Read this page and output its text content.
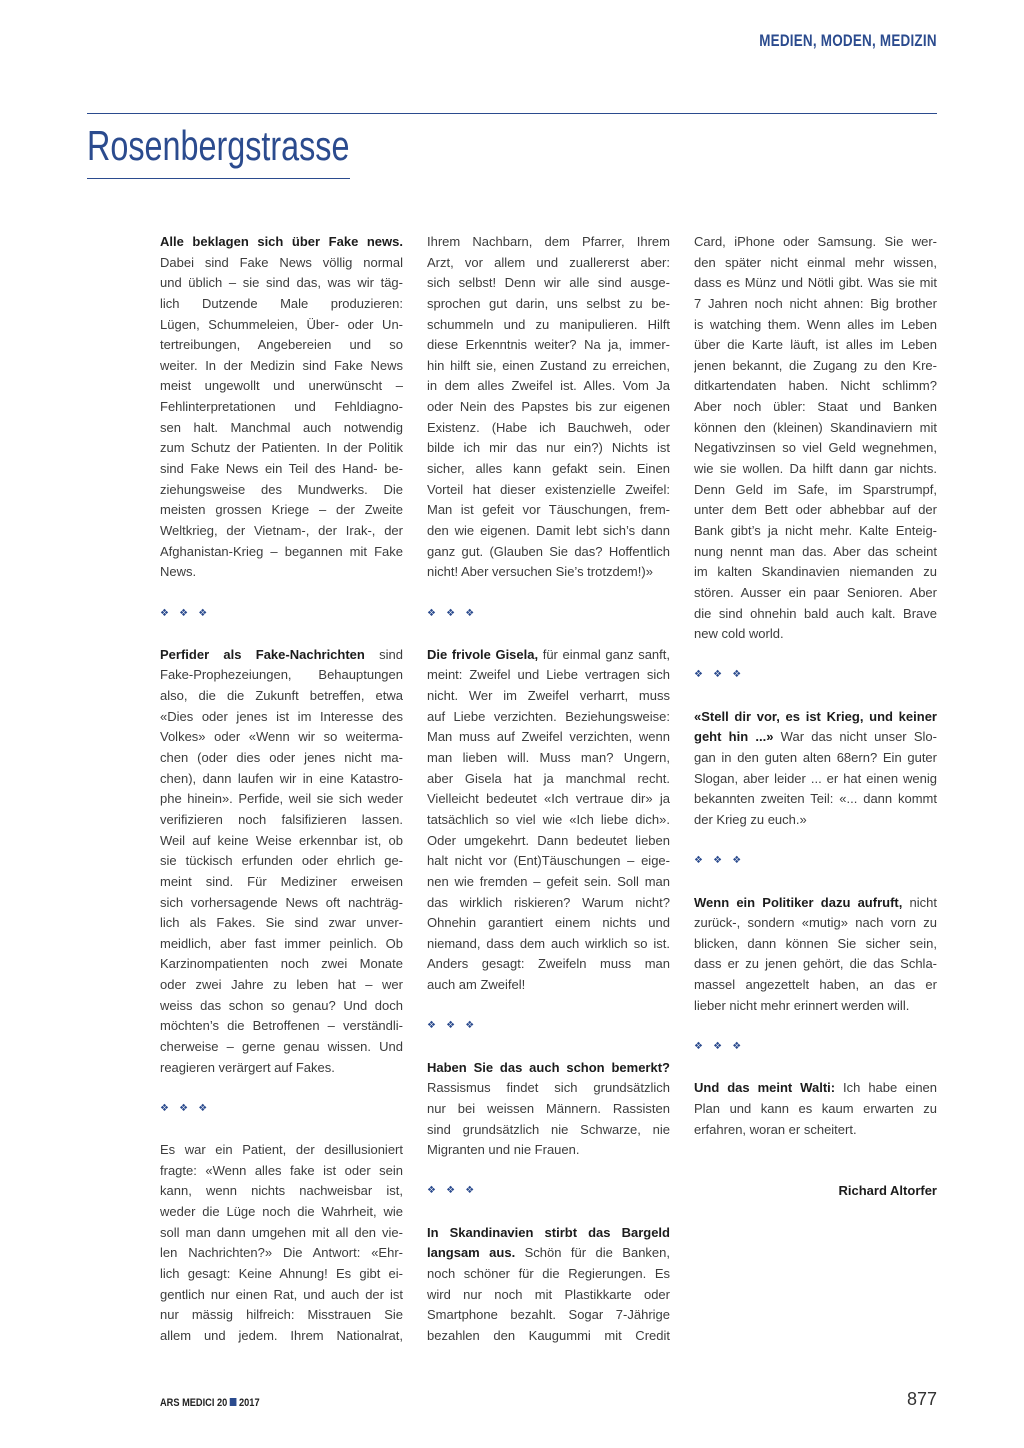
MEDIEN, MODEN, MEDIZIN
Rosenbergstrasse
Alle beklagen sich über Fake news.
Dabei sind Fake News völlig normal
und üblich – sie sind das, was wir täg-
lich Dutzende Male produzieren:
Lügen, Schummeleien, Über- oder Un-
tertreibungen, Angebereien und so
weiter. In der Medizin sind Fake News
meist ungewollt und unerwünscht –
Fehlinterpretationen und Fehldiagno-
sen halt. Manchmal auch notwendig
zum Schutz der Patienten. In der Politik
sind Fake News ein Teil des Hand- be-
ziehungsweise des Mundwerks. Die
meisten grossen Kriege – der Zweite
Weltkrieg, der Vietnam-, der Irak-, der
Afghanistan-Krieg – begannen mit Fake
News.
❖ ❖ ❖
Perfider als Fake-Nachrichten sind
Fake-Prophezeiungen, Behauptungen
also, die die Zukunft betreffen, etwa
«Dies oder jenes ist im Interesse des
Volkes» oder «Wenn wir so weiterma-
chen (oder dies oder jenes nicht ma-
chen), dann laufen wir in eine Katastro-
phe hinein». Perfide, weil sie sich weder
verifizieren noch falsifizieren lassen.
Weil auf keine Weise erkennbar ist, ob
sie tückisch erfunden oder ehrlich ge-
meint sind. Für Mediziner erweisen
sich vorhersagende News oft nachträg-
lich als Fakes. Sie sind zwar unver-
meidlich, aber fast immer peinlich. Ob
Karzinompatienten noch zwei Monate
oder zwei Jahre zu leben hat – wer
weiss das schon so genau? Und doch
möchten’s die Betroffenen – verständli-
cherweise – gerne genau wissen. Und
reagieren verärgert auf Fakes.
❖ ❖ ❖
Es war ein Patient, der desillusioniert
fragte: «Wenn alles fake ist oder sein
kann, wenn nichts nachweisbar ist,
weder die Lüge noch die Wahrheit, wie
soll man dann umgehen mit all den vie-
len Nachrichten?» Die Antwort: «Ehr-
lich gesagt: Keine Ahnung! Es gibt ei-
gentlich nur einen Rat, und auch der ist
nur mässig hilfreich: Misstrauen Sie
allem und jedem. Ihrem Nationalrat,
Ihrem Nachbarn, dem Pfarrer, Ihrem
Arzt, vor allem und zuallererst aber:
sich selbst! Denn wir alle sind ausge-
sprochen gut darin, uns selbst zu be-
schummeln und zu manipulieren. Hilft
diese Erkenntnis weiter? Na ja, immer-
hin hilft sie, einen Zustand zu erreichen,
in dem alles Zweifel ist. Alles. Vom Ja
oder Nein des Papstes bis zur eigenen
Existenz. (Habe ich Bauchweh, oder
bilde ich mir das nur ein?) Nichts ist
sicher, alles kann gefakt sein. Einen
Vorteil hat dieser existenzielle Zweifel:
Man ist gefeit vor Täuschungen, frem-
den wie eigenen. Damit lebt sich’s dann
ganz gut. (Glauben Sie das? Hoffentlich
nicht! Aber versuchen Sie’s trotzdem!)»
❖ ❖ ❖
Die frivole Gisela, für einmal ganz sanft,
meint: Zweifel und Liebe vertragen sich
nicht. Wer im Zweifel verharrt, muss
auf Liebe verzichten. Beziehungsweise:
Man muss auf Zweifel verzichten, wenn
man lieben will. Muss man? Ungern,
aber Gisela hat ja manchmal recht.
Vielleicht bedeutet «Ich vertraue dir» ja
tatsächlich so viel wie «Ich liebe dich».
Oder umgekehrt. Dann bedeutet lieben
halt nicht vor (Ent)Täuschungen – eige-
nen wie fremden – gefeit sein. Soll man
das wirklich riskieren? Warum nicht?
Ohnehin garantiert einem nichts und
niemand, dass dem auch wirklich so ist.
Anders gesagt: Zweifeln muss man
auch am Zweifel!
❖ ❖ ❖
Haben Sie das auch schon bemerkt?
Rassismus findet sich grundsätzlich
nur bei weissen Männern. Rassisten
sind grundsätzlich nie Schwarze, nie
Migranten und nie Frauen.
❖ ❖ ❖
In Skandinavien stirbt das Bargeld
langsam aus. Schön für die Banken,
noch schöner für die Regierungen. Es
wird nur noch mit Plastikkarte oder
Smartphone bezahlt. Sogar 7-Jährige
bezahlen den Kaugummi mit Credit
Card, iPhone oder Samsung. Sie wer-
den später nicht einmal mehr wissen,
dass es Münz und Nötli gibt. Was sie mit
7 Jahren noch nicht ahnen: Big brother
is watching them. Wenn alles im Leben
über die Karte läuft, ist alles im Leben
jenen bekannt, die Zugang zu den Kre-
ditkartendaten haben. Nicht schlimm?
Aber noch übler: Staat und Banken
können den (kleinen) Skandinaviern mit
Negativzinsen so viel Geld wegnehmen,
wie sie wollen. Da hilft dann gar nichts.
Denn Geld im Safe, im Sparstrumpf,
unter dem Bett oder abhebbar auf der
Bank gibt’s ja nicht mehr. Kalte Enteig-
nung nennt man das. Aber das scheint
im kalten Skandinavien niemanden zu
stören. Ausser ein paar Senioren. Aber
die sind ohnehin bald auch kalt. Brave
new cold world.
❖ ❖ ❖
«Stell dir vor, es ist Krieg, und keiner
geht hin ...» War das nicht unser Slo-
gan in den guten alten 68ern? Ein guter
Slogan, aber leider ... er hat einen wenig
bekannten zweiten Teil: «... dann kommt
der Krieg zu euch.»
❖ ❖ ❖
Wenn ein Politiker dazu aufruft, nicht
zurück-, sondern «mutig» nach vorn zu
blicken, dann können Sie sicher sein,
dass er zu jenen gehört, die das Schla-
massel angezettelt haben, an das er
lieber nicht mehr erinnert werden will.
❖ ❖ ❖
Und das meint Walti: Ich habe einen
Plan und kann es kaum erwarten zu
erfahren, woran er scheitert.
Richard Altorfer
ARS MEDICI 20 2017	877
